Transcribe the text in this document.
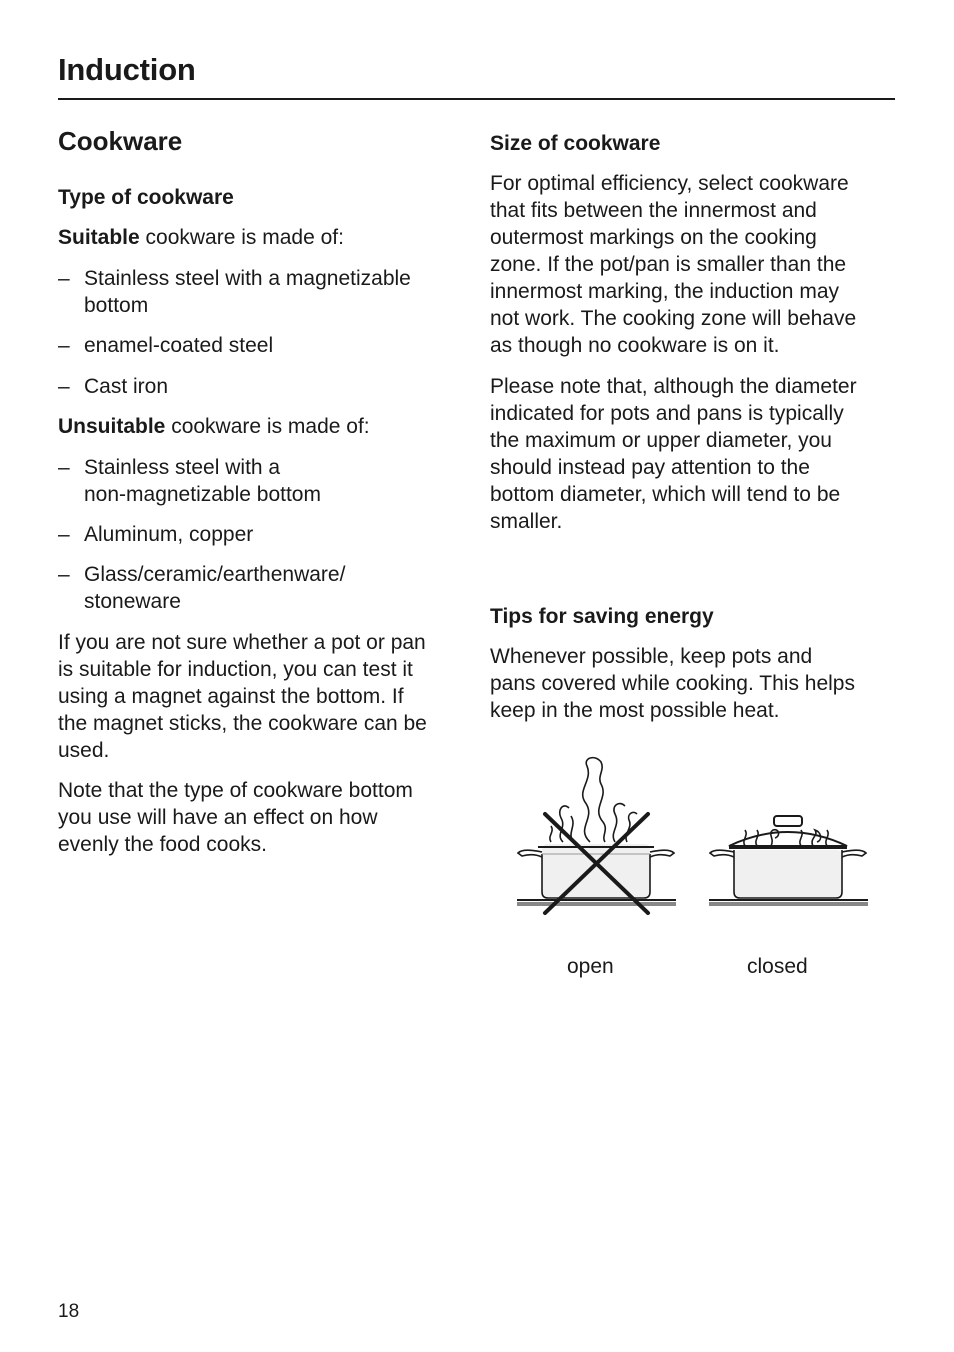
Induction
Cookware

Type of cookware

Suitable cookware is made of:

– Stainless steel with a magnetizable
bottom
– enamel-coated steel
– Cast iron

Unsuitable cookware is made of:

– Stainless steel with a
non-magnetizable bottom
– Aluminum, copper
– Glass/ceramic/earthenware/
stoneware

If you are not sure whether a pot or pan
is suitable for induction, you can test it
using a magnet against the bottom. If
the magnet sticks, the cookware can be
used.

Note that the type of cookware bottom
you use will have an effect on how
evenly the food cooks.

Size of cookware

For optimal efficiency, select cookware
that fits between the innermost and
outermost markings on the cooking
zone. If the pot/pan is smaller than the
innermost marking, the induction may
not work. The cooking zone will behave
as though no cookware is on it.

Please note that, although the diameter
indicated for pots and pans is typically
the maximum or upper diameter, you
should instead pay attention to the
bottom diameter, which will tend to be
smaller.

Tips for saving energy

Whenever possible, keep pots and
pans covered while cooking. This helps
keep in the most possible heat.

open	closed

18
